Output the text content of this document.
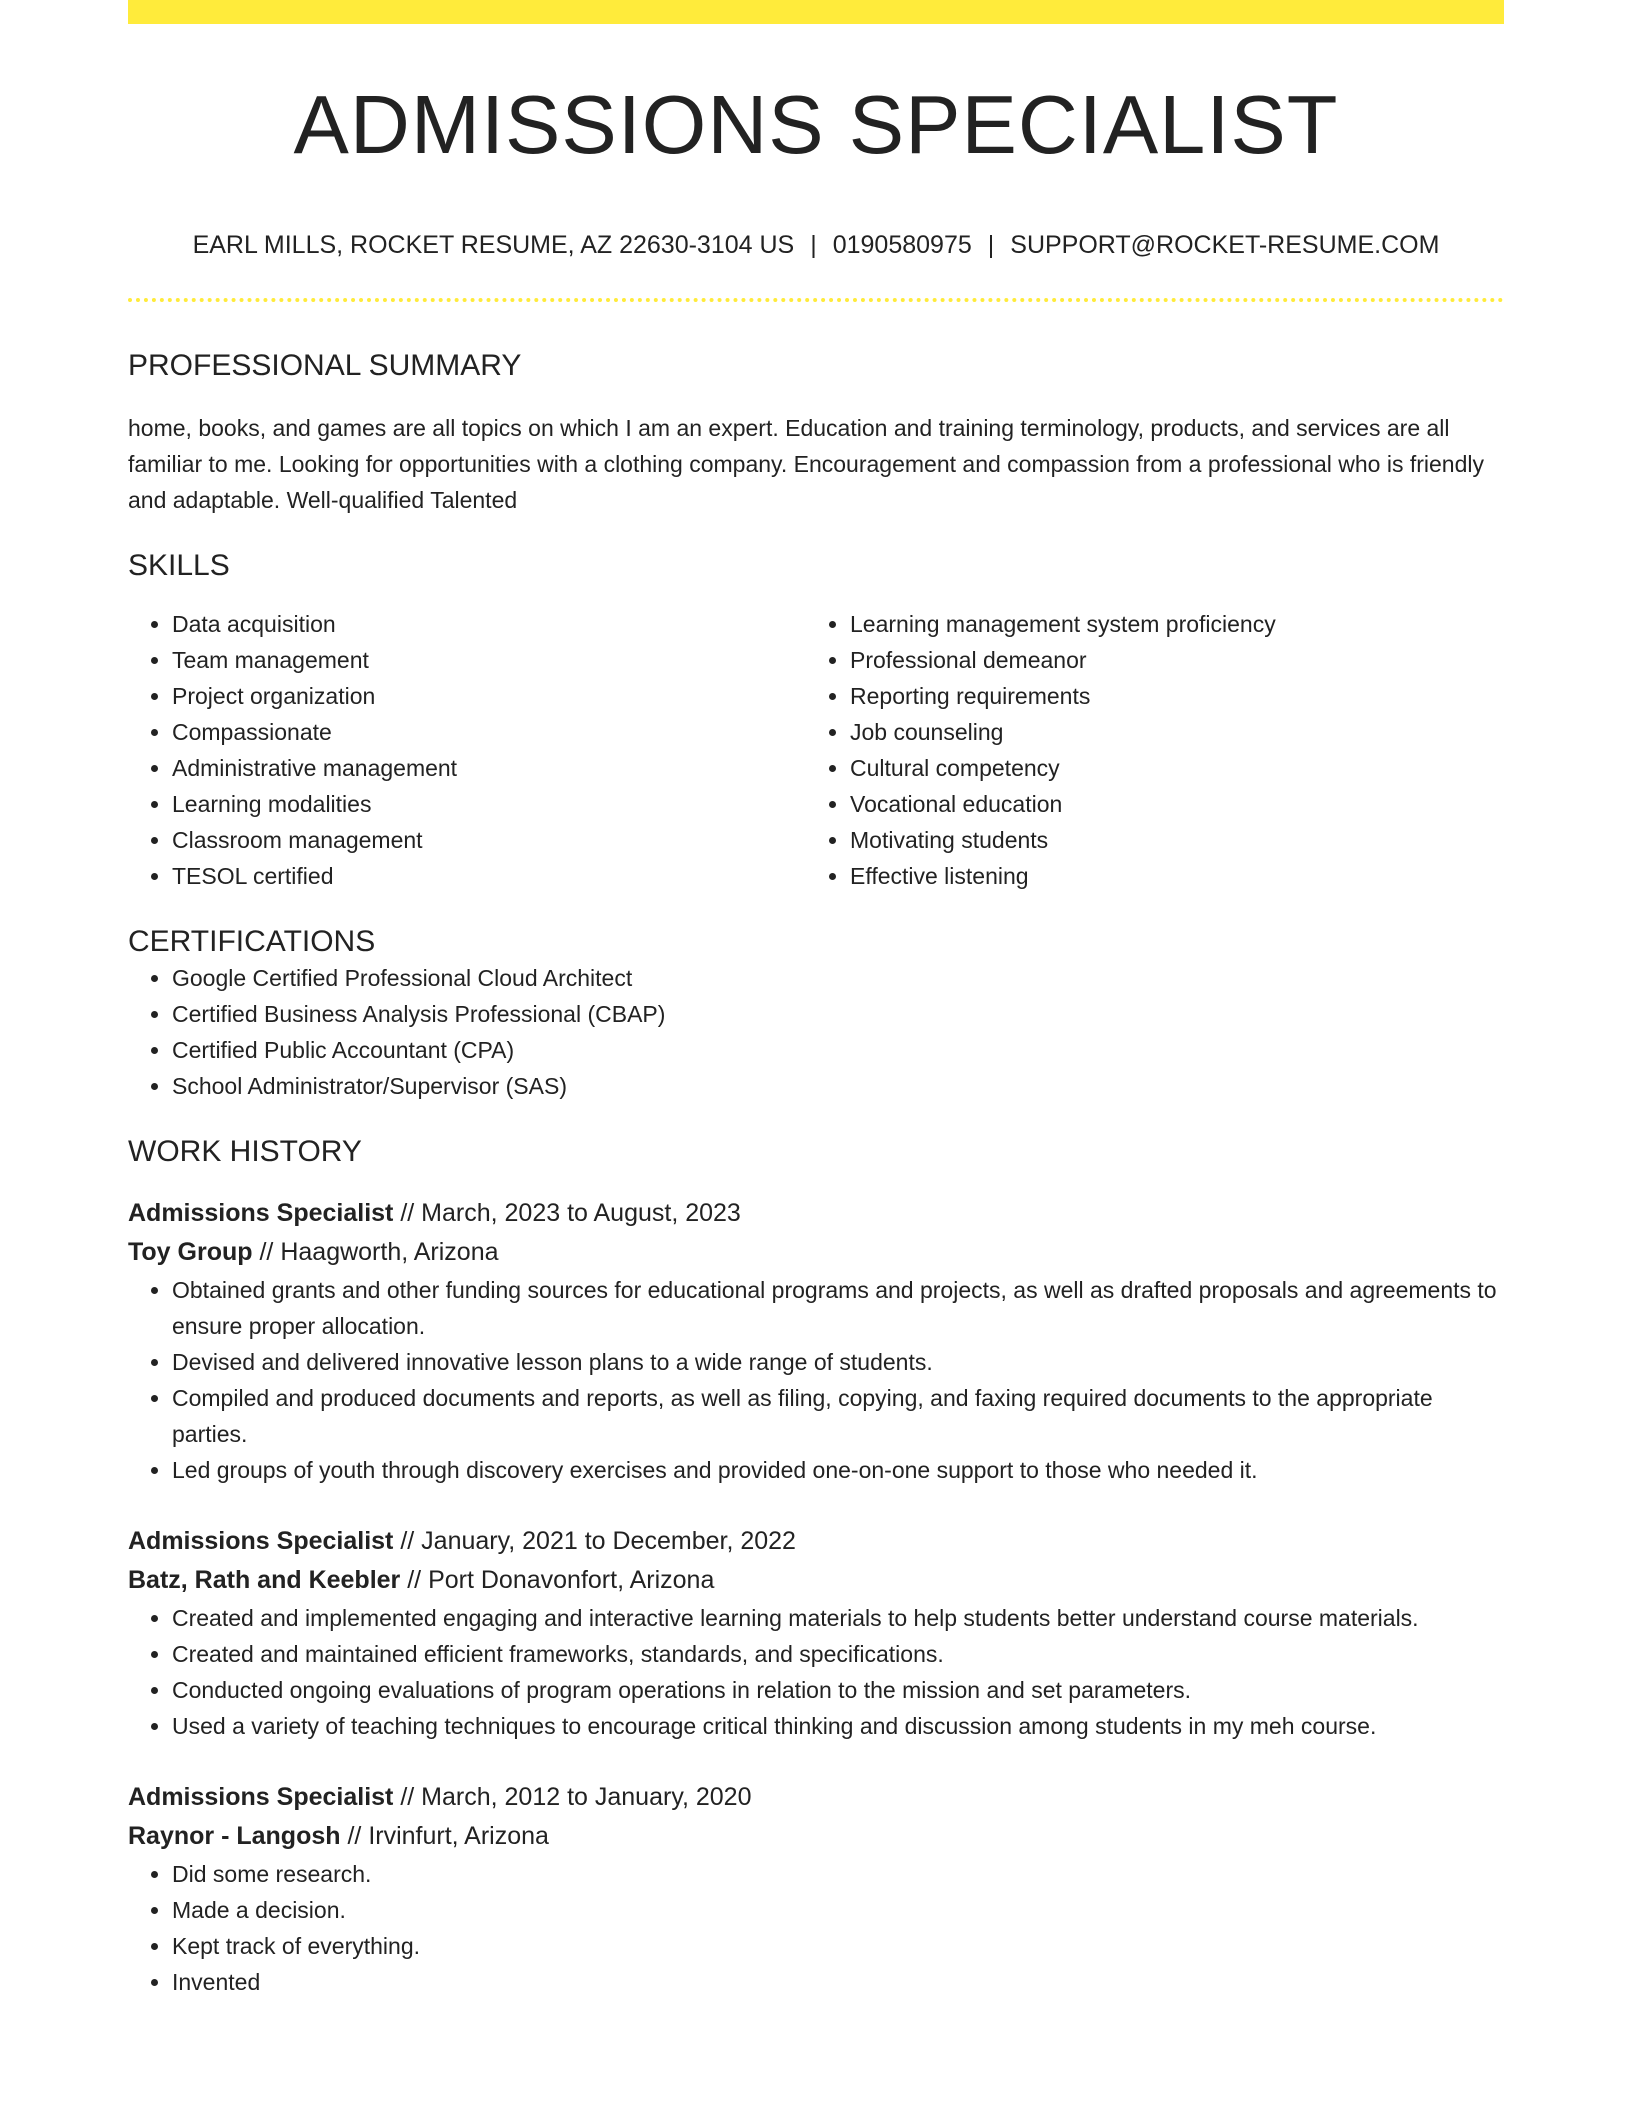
ADMISSIONS SPECIALIST
EARL MILLS, ROCKET RESUME, AZ 22630-3104 US | 0190580975 | SUPPORT@ROCKET-RESUME.COM
PROFESSIONAL SUMMARY

home, books, and games are all topics on which I am an expert. Education and training terminology, products, and services are all familiar to me. Looking for opportunities with a clothing company. Encouragement and compassion from a professional who is friendly and adaptable. Well-qualified Talented

SKILLS
• Data acquisition
• Team management
• Project organization
• Compassionate
• Administrative management
• Learning modalities
• Classroom management
• TESOL certified
• Learning management system proficiency
• Professional demeanor
• Reporting requirements
• Job counseling
• Cultural competency
• Vocational education
• Motivating students
• Effective listening
CERTIFICATIONS
• Google Certified Professional Cloud Architect
• Certified Business Analysis Professional (CBAP)
• Certified Public Accountant (CPA)
• School Administrator/Supervisor (SAS)
WORK HISTORY
Admissions Specialist // March, 2023 to August, 2023
Toy Group // Haagworth, Arizona
• Obtained grants and other funding sources for educational programs and projects, as well as drafted proposals and agreements to ensure proper allocation.
• Devised and delivered innovative lesson plans to a wide range of students.
• Compiled and produced documents and reports, as well as filing, copying, and faxing required documents to the appropriate parties.
• Led groups of youth through discovery exercises and provided one-on-one support to those who needed it.
Admissions Specialist // January, 2021 to December, 2022
Batz, Rath and Keebler // Port Donavonfort, Arizona
• Created and implemented engaging and interactive learning materials to help students better understand course materials.
• Created and maintained efficient frameworks, standards, and specifications.
• Conducted ongoing evaluations of program operations in relation to the mission and set parameters.
• Used a variety of teaching techniques to encourage critical thinking and discussion among students in my meh course.
Admissions Specialist // March, 2012 to January, 2020
Raynor - Langosh // Irvinfurt, Arizona
• Did some research.
• Made a decision.
• Kept track of everything.
• Invented
